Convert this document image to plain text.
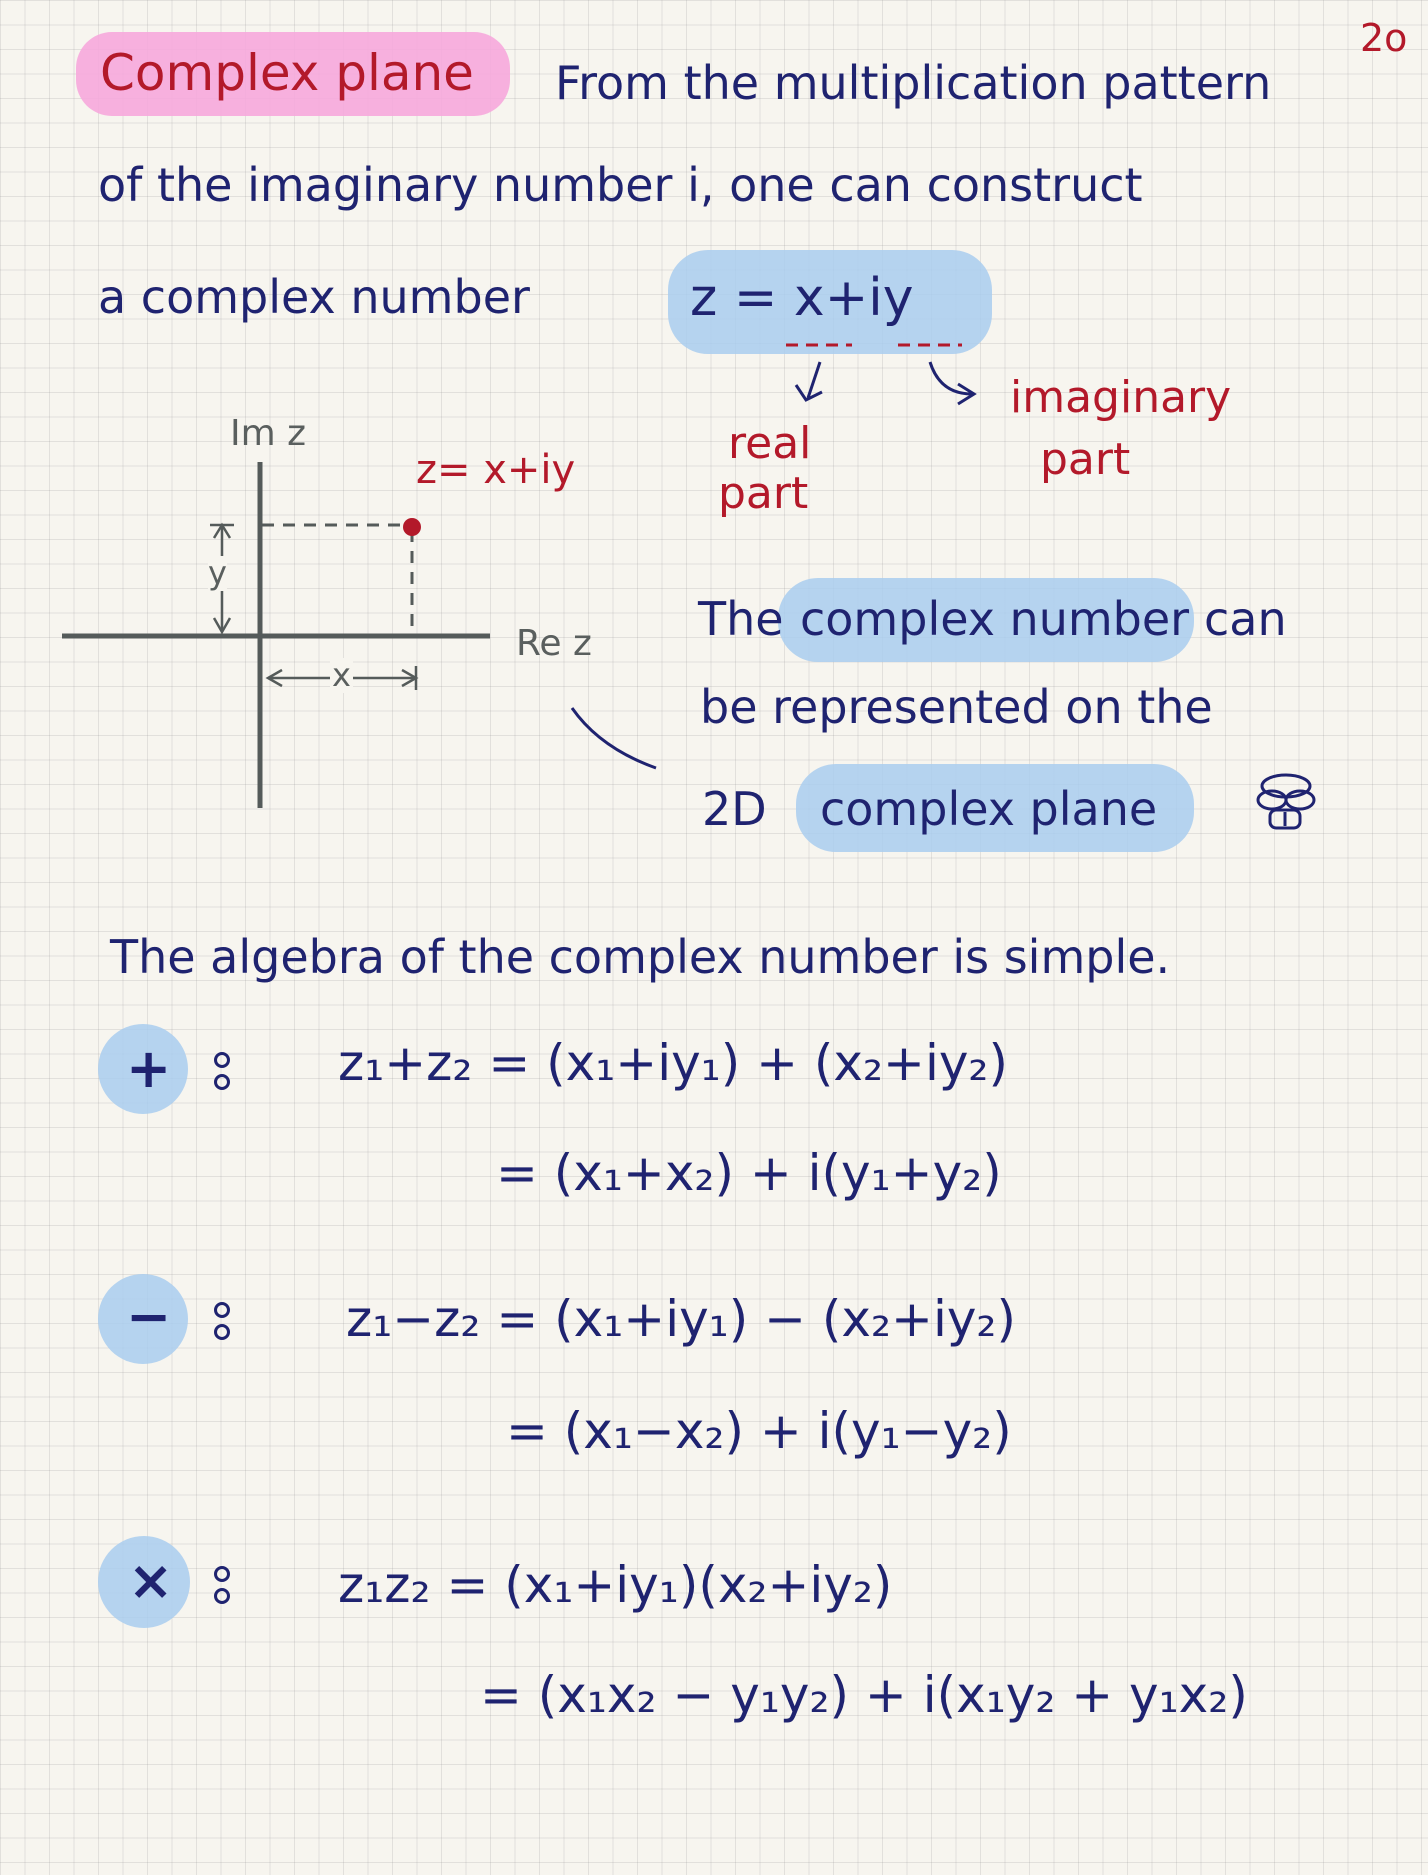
2o
Complex plane From the multiplication pattern
of the imaginary number i, one can construct
a complex number	z = x+iy
real
part
imaginary
part
Im z
Re z
z= x+iy
y
x
The complex number can
be represented on the
2D complex plane
The algebra of the complex number is simple.
+	z₁+z₂ = (x₁+iy₁) + (x₂+iy₂)
= (x₁+x₂) + i(y₁+y₂)
−	z₁−z₂ = (x₁+iy₁) − (x₂+iy₂)
= (x₁−x₂) + i(y₁−y₂)
×	z₁z₂ = (x₁+iy₁)(x₂+iy₂)
= (x₁x₂ − y₁y₂) + i(x₁y₂ + y₁x₂)
